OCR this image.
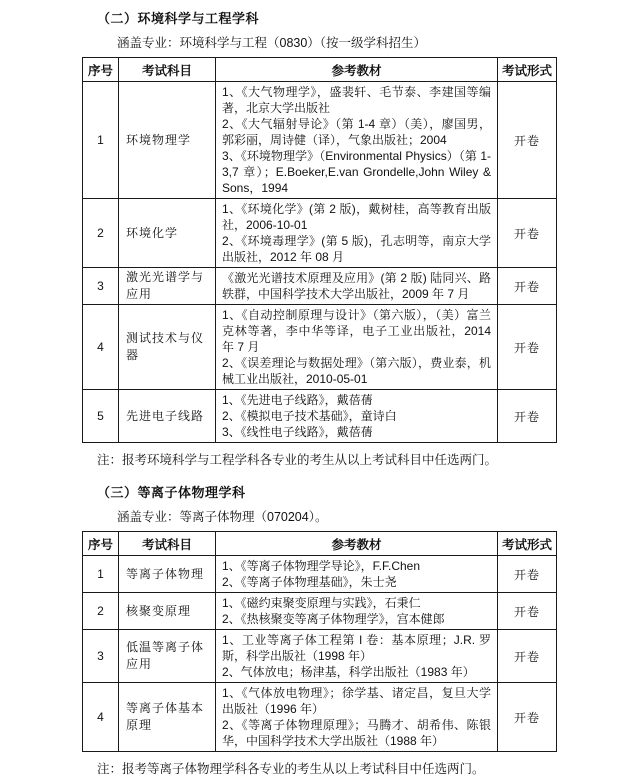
（二）环境科学与工程学科

涵盖专业：环境科学与工程（0830）（按一级学科招生）

序号	考试科目	参考教材	考试形式
1	环境物理学	1、《大气物理学》，盛裴轩、毛节泰、李建国等编著，北京大学出版社
2、《大气辐射导论》（第 1-4 章）（美），廖国男，郭彩丽，周诗健（译），气象出版社；2004
3、《环境物理学》（Environmental Physics）（第 1-3,7 章）；E.Boeker,E.van Grondelle,John Wiley & Sons，1994	开卷
2	环境化学	1、《环境化学》(第 2 版)，戴树桂，高等教育出版社，2006-10-01
2、《环境毒理学》(第 5 版)，孔志明等，南京大学出版社，2012 年 08 月	开卷
3	激光光谱学与应用	《激光光谱技术原理及应用》(第 2 版) 陆同兴、路轶群，中国科学技术大学出版社，2009 年 7 月	开卷
4	测试技术与仪器	1、《自动控制原理与设计》（第六版），（美）富兰克林等著，李中华等译，电子工业出版社，2014 年 7 月
2、《误差理论与数据处理》（第六版），费业泰，机械工业出版社，2010-05-01	开卷
5	先进电子线路	1、《先进电子线路》，戴蓓蒨
2、《模拟电子技术基础》，童诗白
3、《线性电子线路》，戴蓓蒨	开卷

注：报考环境科学与工程学科各专业的考生从以上考试科目中任选两门。

（三）等离子体物理学科

涵盖专业：等离子体物理（070204）。

序号	考试科目	参考教材	考试形式
1	等离子体物理	1、《等离子体物理学导论》，F.F.Chen
2、《等离子体物理基础》，朱士尧	开卷
2	核聚变原理	1、《磁约束聚变原理与实践》，石秉仁
2、《热核聚变等离子体物理学》，宫本健郎	开卷
3	低温等离子体应用	1、工业等离子体工程第 I 卷：基本原理；J.R. 罗斯，科学出版社（1998 年）
2、气体放电；杨津基，科学出版社（1983 年）	开卷
4	等离子体基本原理	1、《气体放电物理》；徐学基、诸定昌，复旦大学出版社（1996 年）
2、《等离子体物理原理》；马腾才、胡希伟、陈银华，中国科学技术大学出版社（1988 年）	开卷

注：报考等离子体物理学科各专业的考生从以上考试科目中任选两门。
